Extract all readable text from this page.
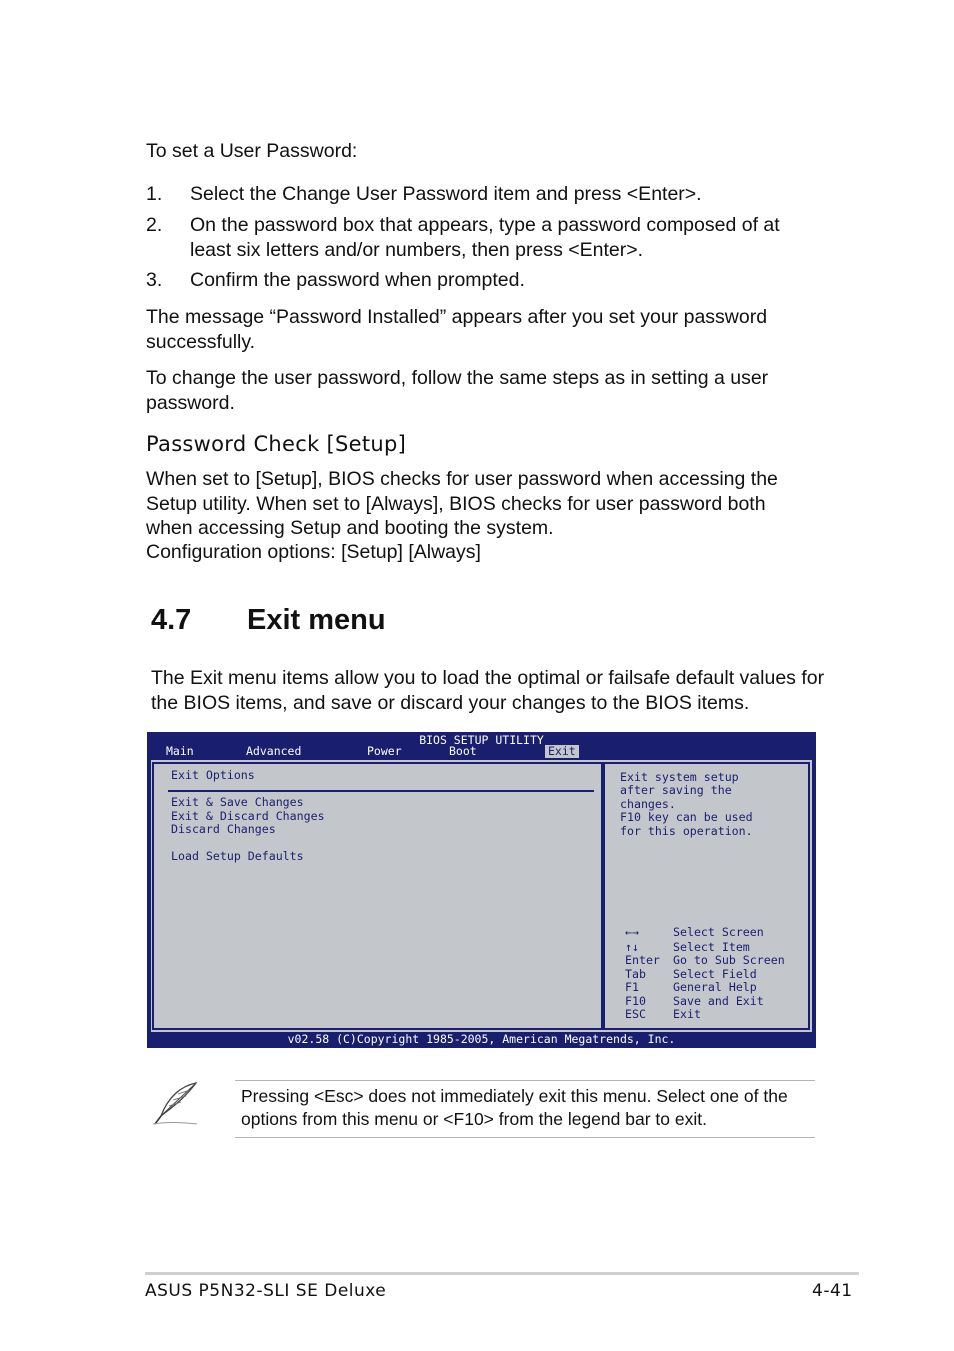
To set a User Password:
1. Select the Change User Password item and press <Enter>.
2. On the password box that appears, type a password composed of at least six letters and/or numbers, then press <Enter>.
3. Confirm the password when prompted.
The message “Password Installed” appears after you set your password successfully.
To change the user password, follow the same steps as in setting a user password.
Password Check [Setup]
When set to [Setup], BIOS checks for user password when accessing the Setup utility. When set to [Always], BIOS checks for user password both when accessing Setup and booting the system.
Configuration options: [Setup] [Always]
4.7 Exit menu
The Exit menu items allow you to load the optimal or failsafe default values for the BIOS items, and save or discard your changes to the BIOS items.
BIOS SETUP UTILITY
Main	Advanced	Power	Boot	Exit
Exit Options
Exit & Save Changes
Exit & Discard Changes
Discard Changes
Load Setup Defaults
Exit system setup
after saving the
changes.
F10 key can be used
for this operation.
←→	Select Screen
↑↓	Select Item
Enter Go to Sub Screen
Tab Select Field
F1	General Help
F10 Save and Exit
ESC Exit
v02.58 (C)Copyright 1985-2005, American Megatrends, Inc.
Pressing <Esc> does not immediately exit this menu. Select one of the options from this menu or <F10> from the legend bar to exit.
ASUS P5N32-SLI SE Deluxe	4-41
